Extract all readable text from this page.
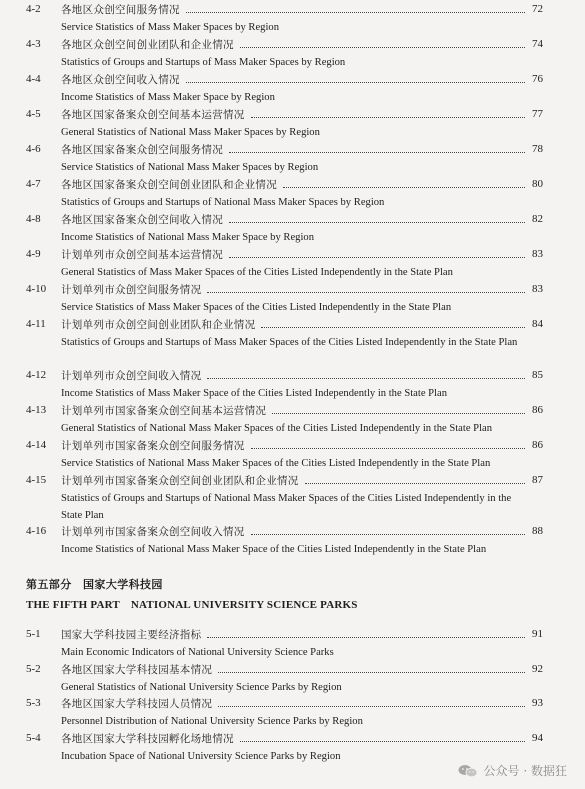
第五部分　国家大学科技园
THE FIFTH PART　NATIONAL UNIVERSITY SCIENCE PARKS
公众号 · 数据狂
4-2 各地区众创空间服务情况	72
Service Statistics of Mass Maker Spaces by Region
4-3 各地区众创空间创业团队和企业情况	74
Statistics of Groups and Startups of Mass Maker Spaces by Region
4-4 各地区众创空间收入情况	76
Income Statistics of Mass Maker Space by Region
4-5 各地区国家备案众创空间基本运营情况	77
General Statistics of National Mass Maker Spaces by Region
4-6 各地区国家备案众创空间服务情况	78
Service Statistics of National Mass Maker Spaces by Region
4-7 各地区国家备案众创空间创业团队和企业情况	80
Statistics of Groups and Startups of National Mass Maker Spaces by Region
4-8 各地区国家备案众创空间收入情况	82
Income Statistics of National Mass Maker Space by Region
4-9 计划单列市众创空间基本运营情况	83
General Statistics of Mass Maker Spaces of the Cities Listed Independently in the State Plan
4-10 计划单列市众创空间服务情况	83
Service Statistics of Mass Maker Spaces of the Cities Listed Independently in the State Plan
4-11 计划单列市众创空间创业团队和企业情况	84
Statistics of Groups and Startups of Mass Maker Spaces of the Cities Listed Independently in the State Plan
4-12 计划单列市众创空间收入情况	85
Income Statistics of Mass Maker Space of the Cities Listed Independently in the State Plan
4-13 计划单列市国家备案众创空间基本运营情况	86
General Statistics of National Mass Maker Spaces of the Cities Listed Independently in the State Plan
4-14 计划单列市国家备案众创空间服务情况	86
Service Statistics of National Mass Maker Spaces of the Cities Listed Independently in the State Plan
4-15 计划单列市国家备案众创空间创业团队和企业情况	87
Statistics of Groups and Startups of National Mass Maker Spaces of the Cities Listed Independently in the State Plan
4-16 计划单列市国家备案众创空间收入情况	88
Income Statistics of National Mass Maker Space of the Cities Listed Independently in the State Plan
5-1 国家大学科技园主要经济指标	91
Main Economic Indicators of National University Science Parks
5-2 各地区国家大学科技园基本情况	92
General Statistics of National University Science Parks by Region
5-3 各地区国家大学科技园人员情况	93
Personnel Distribution of National University Science Parks by Region
5-4 各地区国家大学科技园孵化场地情况	94
Incubation Space of National University Science Parks by Region
